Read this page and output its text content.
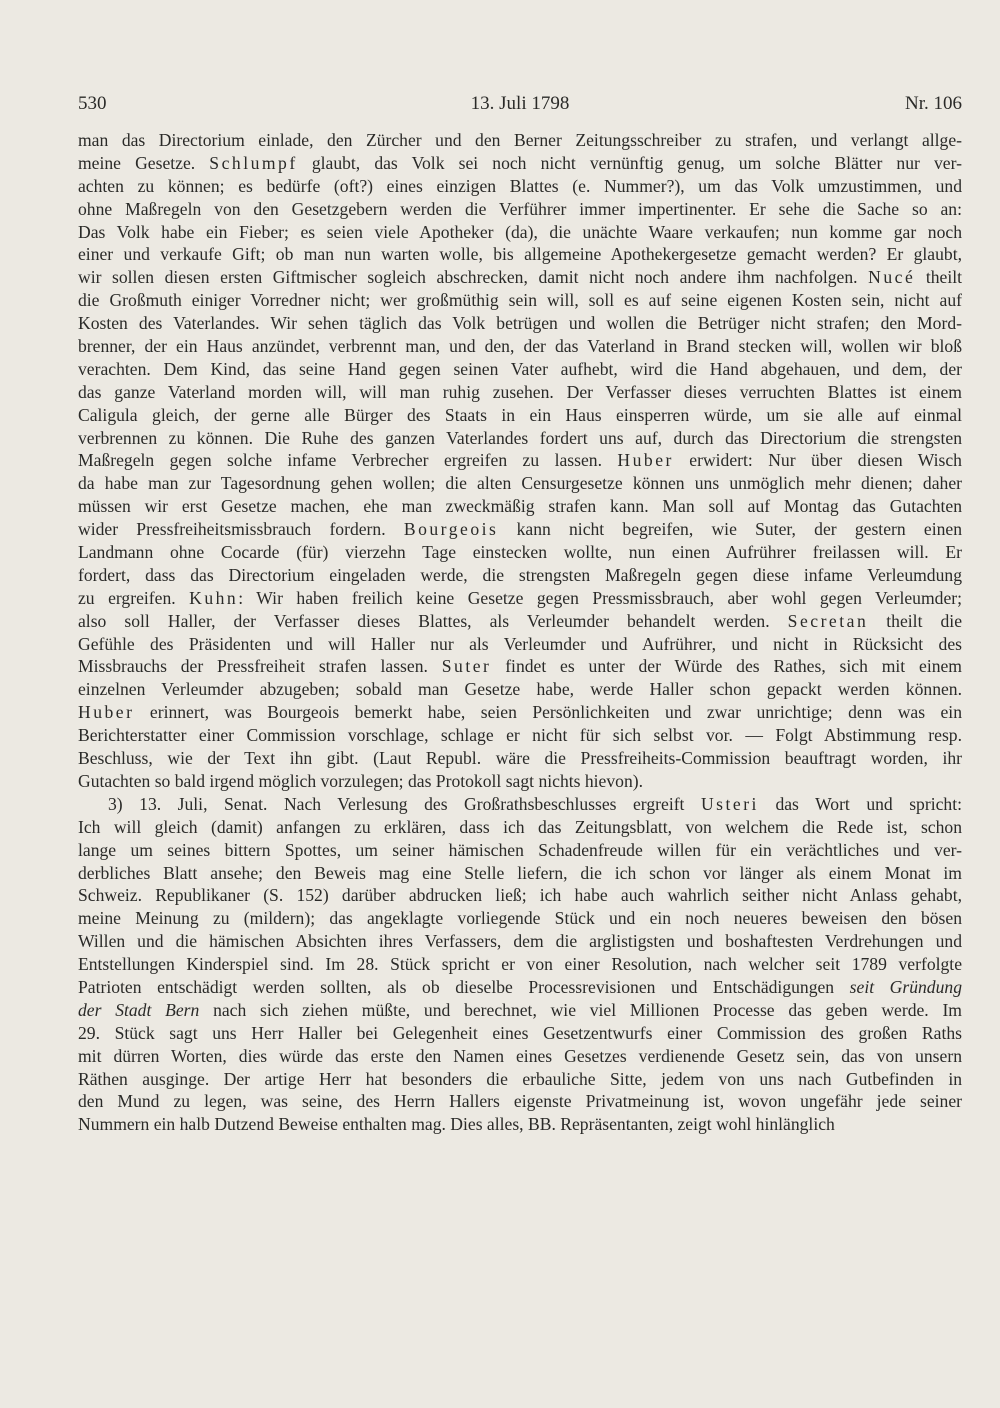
530	13. Juli 1798	Nr. 106
man das Directorium einlade, den Zürcher und den Berner Zeitungsschreiber zu strafen, und verlangt allge-
meine Gesetze. Schlumpf glaubt, das Volk sei noch nicht vernünftig genug, um solche Blätter nur ver-
achten zu können; es bedürfe (oft?) eines einzigen Blattes (e. Nummer?), um das Volk umzustimmen, und
ohne Maßregeln von den Gesetzgebern werden die Verführer immer impertinenter. Er sehe die Sache so an:
Das Volk habe ein Fieber; es seien viele Apotheker (da), die unächte Waare verkaufen; nun komme gar noch
einer und verkaufe Gift; ob man nun warten wolle, bis allgemeine Apothekergesetze gemacht werden? Er glaubt,
wir sollen diesen ersten Giftmischer sogleich abschrecken, damit nicht noch andere ihm nachfolgen. Nucé theilt
die Großmuth einiger Vorredner nicht; wer großmüthig sein will, soll es auf seine eigenen Kosten sein, nicht auf
Kosten des Vaterlandes. Wir sehen täglich das Volk betrügen und wollen die Betrüger nicht strafen; den Mord-
brenner, der ein Haus anzündet, verbrennt man, und den, der das Vaterland in Brand stecken will, wollen wir bloß
verachten. Dem Kind, das seine Hand gegen seinen Vater aufhebt, wird die Hand abgehauen, und dem, der
das ganze Vaterland morden will, will man ruhig zusehen. Der Verfasser dieses verruchten Blattes ist einem
Caligula gleich, der gerne alle Bürger des Staats in ein Haus einsperren würde, um sie alle auf einmal
verbrennen zu können. Die Ruhe des ganzen Vaterlandes fordert uns auf, durch das Directorium die strengsten
Maßregeln gegen solche infame Verbrecher ergreifen zu lassen. Huber erwidert: Nur über diesen Wisch
da habe man zur Tagesordnung gehen wollen; die alten Censurgesetze können uns unmöglich mehr dienen; daher
müssen wir erst Gesetze machen, ehe man zweckmäßig strafen kann. Man soll auf Montag das Gutachten
wider Pressfreiheitsmissbrauch fordern. Bourgeois kann nicht begreifen, wie Suter, der gestern einen
Landmann ohne Cocarde (für) vierzehn Tage einstecken wollte, nun einen Aufrührer freilassen will. Er
fordert, dass das Directorium eingeladen werde, die strengsten Maßregeln gegen diese infame Verleumdung
zu ergreifen. Kuhn: Wir haben freilich keine Gesetze gegen Pressmissbrauch, aber wohl gegen Verleumder;
also soll Haller, der Verfasser dieses Blattes, als Verleumder behandelt werden. Secretan theilt die
Gefühle des Präsidenten und will Haller nur als Verleumder und Aufrührer, und nicht in Rücksicht des
Missbrauchs der Pressfreiheit strafen lassen. Suter findet es unter der Würde des Rathes, sich mit einem
einzelnen Verleumder abzugeben; sobald man Gesetze habe, werde Haller schon gepackt werden können.
Huber erinnert, was Bourgeois bemerkt habe, seien Persönlichkeiten und zwar unrichtige; denn was ein
Berichterstatter einer Commission vorschlage, schlage er nicht für sich selbst vor. — Folgt Abstimmung resp.
Beschluss, wie der Text ihn gibt. (Laut Republ. wäre die Pressfreiheits-Commission beauftragt worden, ihr
Gutachten so bald irgend möglich vorzulegen; das Protokoll sagt nichts hievon).
3) 13. Juli, Senat. Nach Verlesung des Großrathsbeschlusses ergreift Usteri das Wort und spricht:
Ich will gleich (damit) anfangen zu erklären, dass ich das Zeitungsblatt, von welchem die Rede ist, schon
lange um seines bittern Spottes, um seiner hämischen Schadenfreude willen für ein verächtliches und ver-
derbliches Blatt ansehe; den Beweis mag eine Stelle liefern, die ich schon vor länger als einem Monat im
Schweiz. Republikaner (S. 152) darüber abdrucken ließ; ich habe auch wahrlich seither nicht Anlass gehabt,
meine Meinung zu (mildern); das angeklagte vorliegende Stück und ein noch neueres beweisen den bösen
Willen und die hämischen Absichten ihres Verfassers, dem die arglistigsten und boshaftesten Verdrehungen und
Entstellungen Kinderspiel sind. Im 28. Stück spricht er von einer Resolution, nach welcher seit 1789 verfolgte
Patrioten entschädigt werden sollten, als ob dieselbe Processrevisionen und Entschädigungen seit Gründung
der Stadt Bern nach sich ziehen müßte, und berechnet, wie viel Millionen Processe das geben werde. Im
29. Stück sagt uns Herr Haller bei Gelegenheit eines Gesetzentwurfs einer Commission des großen Raths
mit dürren Worten, dies würde das erste den Namen eines Gesetzes verdienende Gesetz sein, das von unsern
Räthen ausginge. Der artige Herr hat besonders die erbauliche Sitte, jedem von uns nach Gutbefinden in
den Mund zu legen, was seine, des Herrn Hallers eigenste Privatmeinung ist, wovon ungefähr jede seiner
Nummern ein halb Dutzend Beweise enthalten mag. Dies alles, BB. Repräsentanten, zeigt wohl hinlänglich
